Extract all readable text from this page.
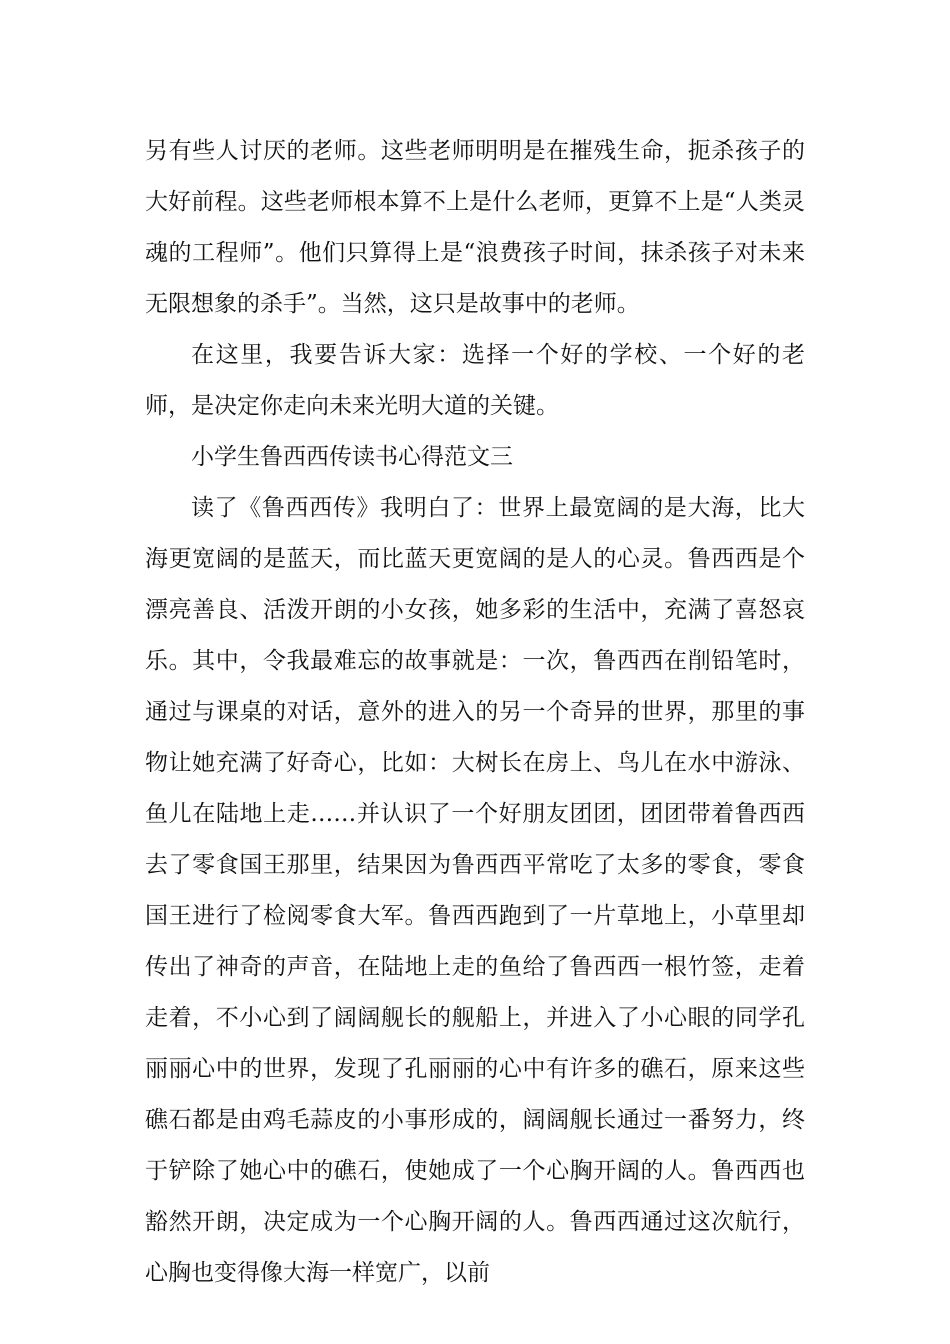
另有些人讨厌的老师。这些老师明明是在摧残生命，扼杀孩子的大好前程。这些老师根本算不上是什么老师，更算不上是“人类灵魂的工程师”。他们只算得上是“浪费孩子时间，抹杀孩子对未来无限想象的杀手”。当然，这只是故事中的老师。

在这里，我要告诉大家：选择一个好的学校、一个好的老师，是决定你走向未来光明大道的关键。

小学生鲁西西传读书心得范文三

读了《鲁西西传》我明白了：世界上最宽阔的是大海，比大海更宽阔的是蓝天，而比蓝天更宽阔的是人的心灵。鲁西西是个漂亮善良、活泼开朗的小女孩，她多彩的生活中，充满了喜怒哀乐。其中，令我最难忘的故事就是：一次，鲁西西在削铅笔时，通过与课桌的对话，意外的进入的另一个奇异的世界，那里的事物让她充满了好奇心，比如：大树长在房上、鸟儿在水中游泳、鱼儿在陆地上走……并认识了一个好朋友团团，团团带着鲁西西去了零食国王那里，结果因为鲁西西平常吃了太多的零食，零食国王进行了检阅零食大军。鲁西西跑到了一片草地上，小草里却传出了神奇的声音，在陆地上走的鱼给了鲁西西一根竹签，走着走着，不小心到了阔阔舰长的舰船上，并进入了小心眼的同学孔丽丽心中的世界，发现了孔丽丽的心中有许多的礁石，原来这些礁石都是由鸡毛蒜皮的小事形成的，阔阔舰长通过一番努力，终于铲除了她心中的礁石，使她成了一个心胸开阔的人。鲁西西也豁然开朗，决定成为一个心胸开阔的人。鲁西西通过这次航行，心胸也变得像大海一样宽广，以前
